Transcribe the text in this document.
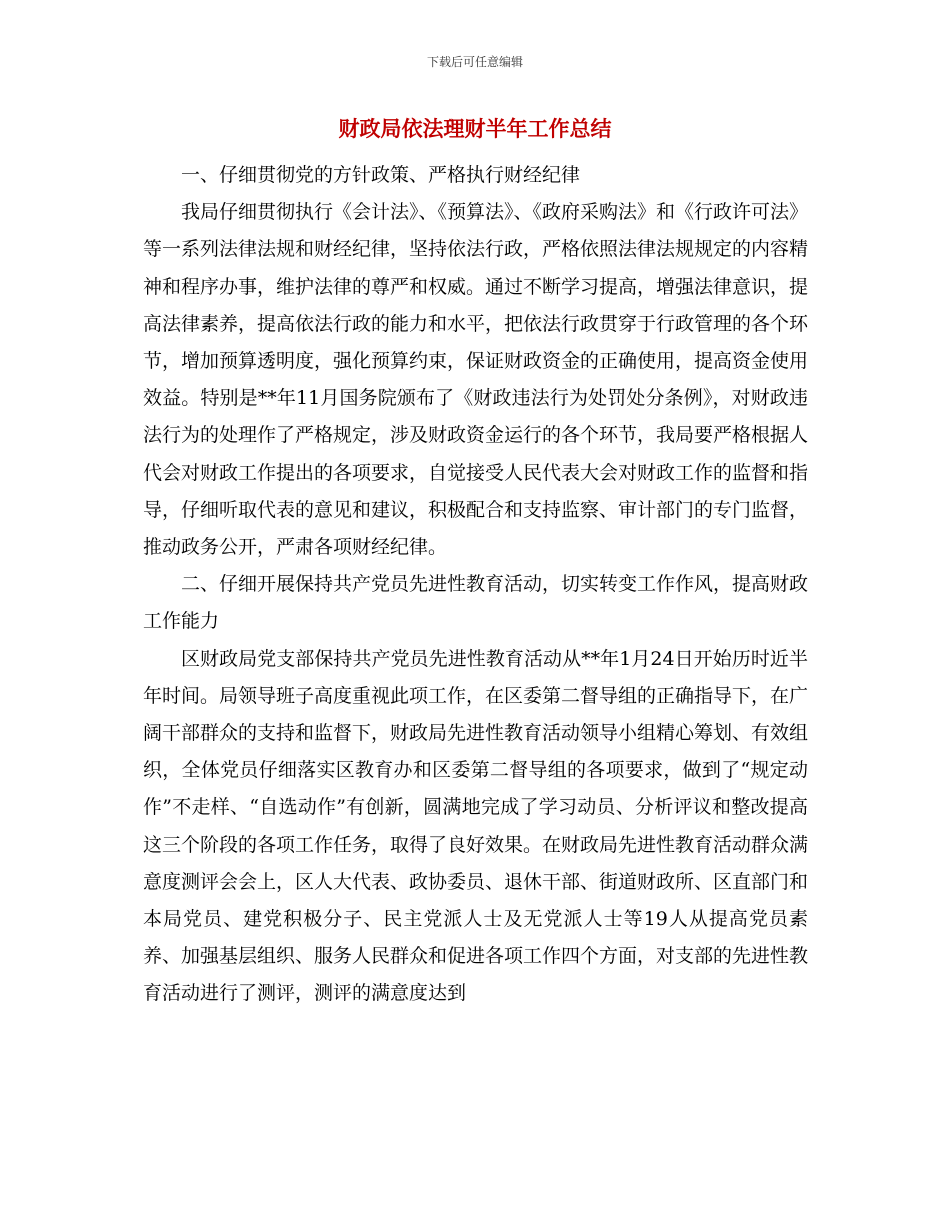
下载后可任意编辑
财政局依法理财半年工作总结

一、仔细贯彻党的方针政策、严格执行财经纪律

我局仔细贯彻执行《会计法》、《预算法》、《政府采购法》和《行政许可法》等一系列法律法规和财经纪律，坚持依法行政，严格依照法律法规规定的内容精神和程序办事，维护法律的尊严和权威。通过不断学习提高，增强法律意识，提高法律素养，提高依法行政的能力和水平，把依法行政贯穿于行政管理的各个环节，增加预算透明度，强化预算约束，保证财政资金的正确使用，提高资金使用效益。特别是**年11月国务院颁布了《财政违法行为处罚处分条例》，对财政违法行为的处理作了严格规定，涉及财政资金运行的各个环节，我局要严格根据人代会对财政工作提出的各项要求，自觉接受人民代表大会对财政工作的监督和指导，仔细听取代表的意见和建议，积极配合和支持监察、审计部门的专门监督，推动政务公开，严肃各项财经纪律。

二、仔细开展保持共产党员先进性教育活动，切实转变工作作风，提高财政工作能力

区财政局党支部保持共产党员先进性教育活动从**年1月24日开始历时近半年时间。局领导班子高度重视此项工作，在区委第二督导组的正确指导下，在广阔干部群众的支持和监督下，财政局先进性教育活动领导小组精心筹划、有效组织，全体党员仔细落实区教育办和区委第二督导组的各项要求，做到了“规定动作”不走样、“自选动作”有创新，圆满地完成了学习动员、分析评议和整改提高这三个阶段的各项工作任务，取得了良好效果。在财政局先进性教育活动群众满意度测评会会上，区人大代表、政协委员、退休干部、街道财政所、区直部门和本局党员、建党积极分子、民主党派人士及无党派人士等19人从提高党员素养、加强基层组织、服务人民群众和促进各项工作四个方面，对支部的先进性教育活动进行了测评，测评的满意度达到
